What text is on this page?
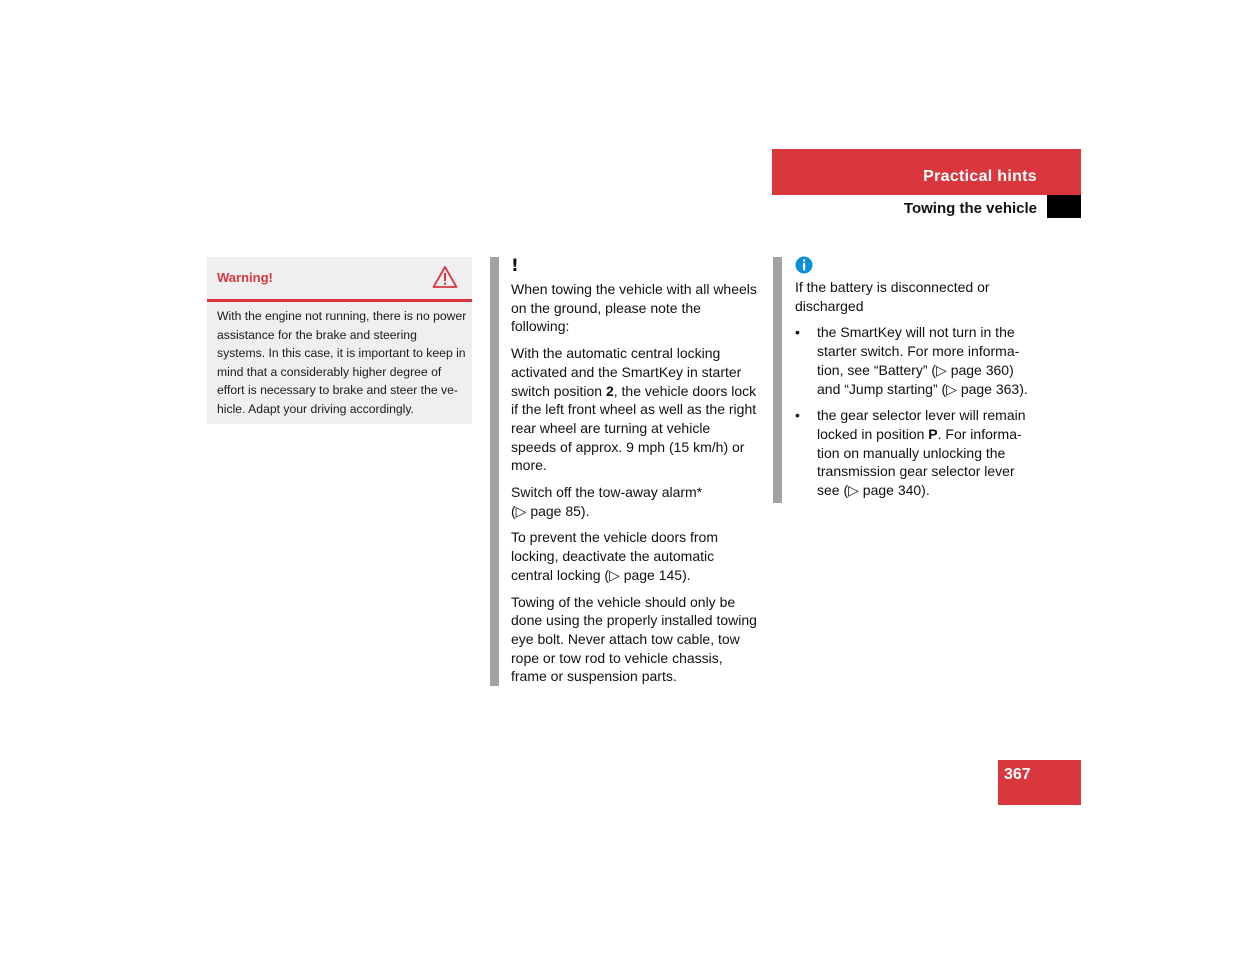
Practical hints
Towing the vehicle
Warning!
With the engine not running, there is no power assistance for the brake and steering systems. In this case, it is important to keep in mind that a considerably higher degree of effort is necessary to brake and steer the ve-hicle. Adapt your driving accordingly.
!

When towing the vehicle with all wheels on the ground, please note the following:

With the automatic central locking activated and the SmartKey in starter switch position 2, the vehicle doors lock if the left front wheel as well as the right rear wheel are turning at vehicle speeds of approx. 9 mph (15 km/h) or more.

Switch off the tow-away alarm*
(▷ page 85).

To prevent the vehicle doors from locking, deactivate the automatic central locking (▷ page 145).

Towing of the vehicle should only be done using the properly installed towing eye bolt. Never attach tow cable, tow rope or tow rod to vehicle chassis, frame or suspension parts.

If the battery is disconnected or discharged

• the SmartKey will not turn in the starter switch. For more informa-tion, see “Battery” (▷ page 360) and “Jump starting” (▷ page 363).
• the gear selector lever will remain locked in position P. For informa-tion on manually unlocking the transmission gear selector lever see (▷ page 340).
367
